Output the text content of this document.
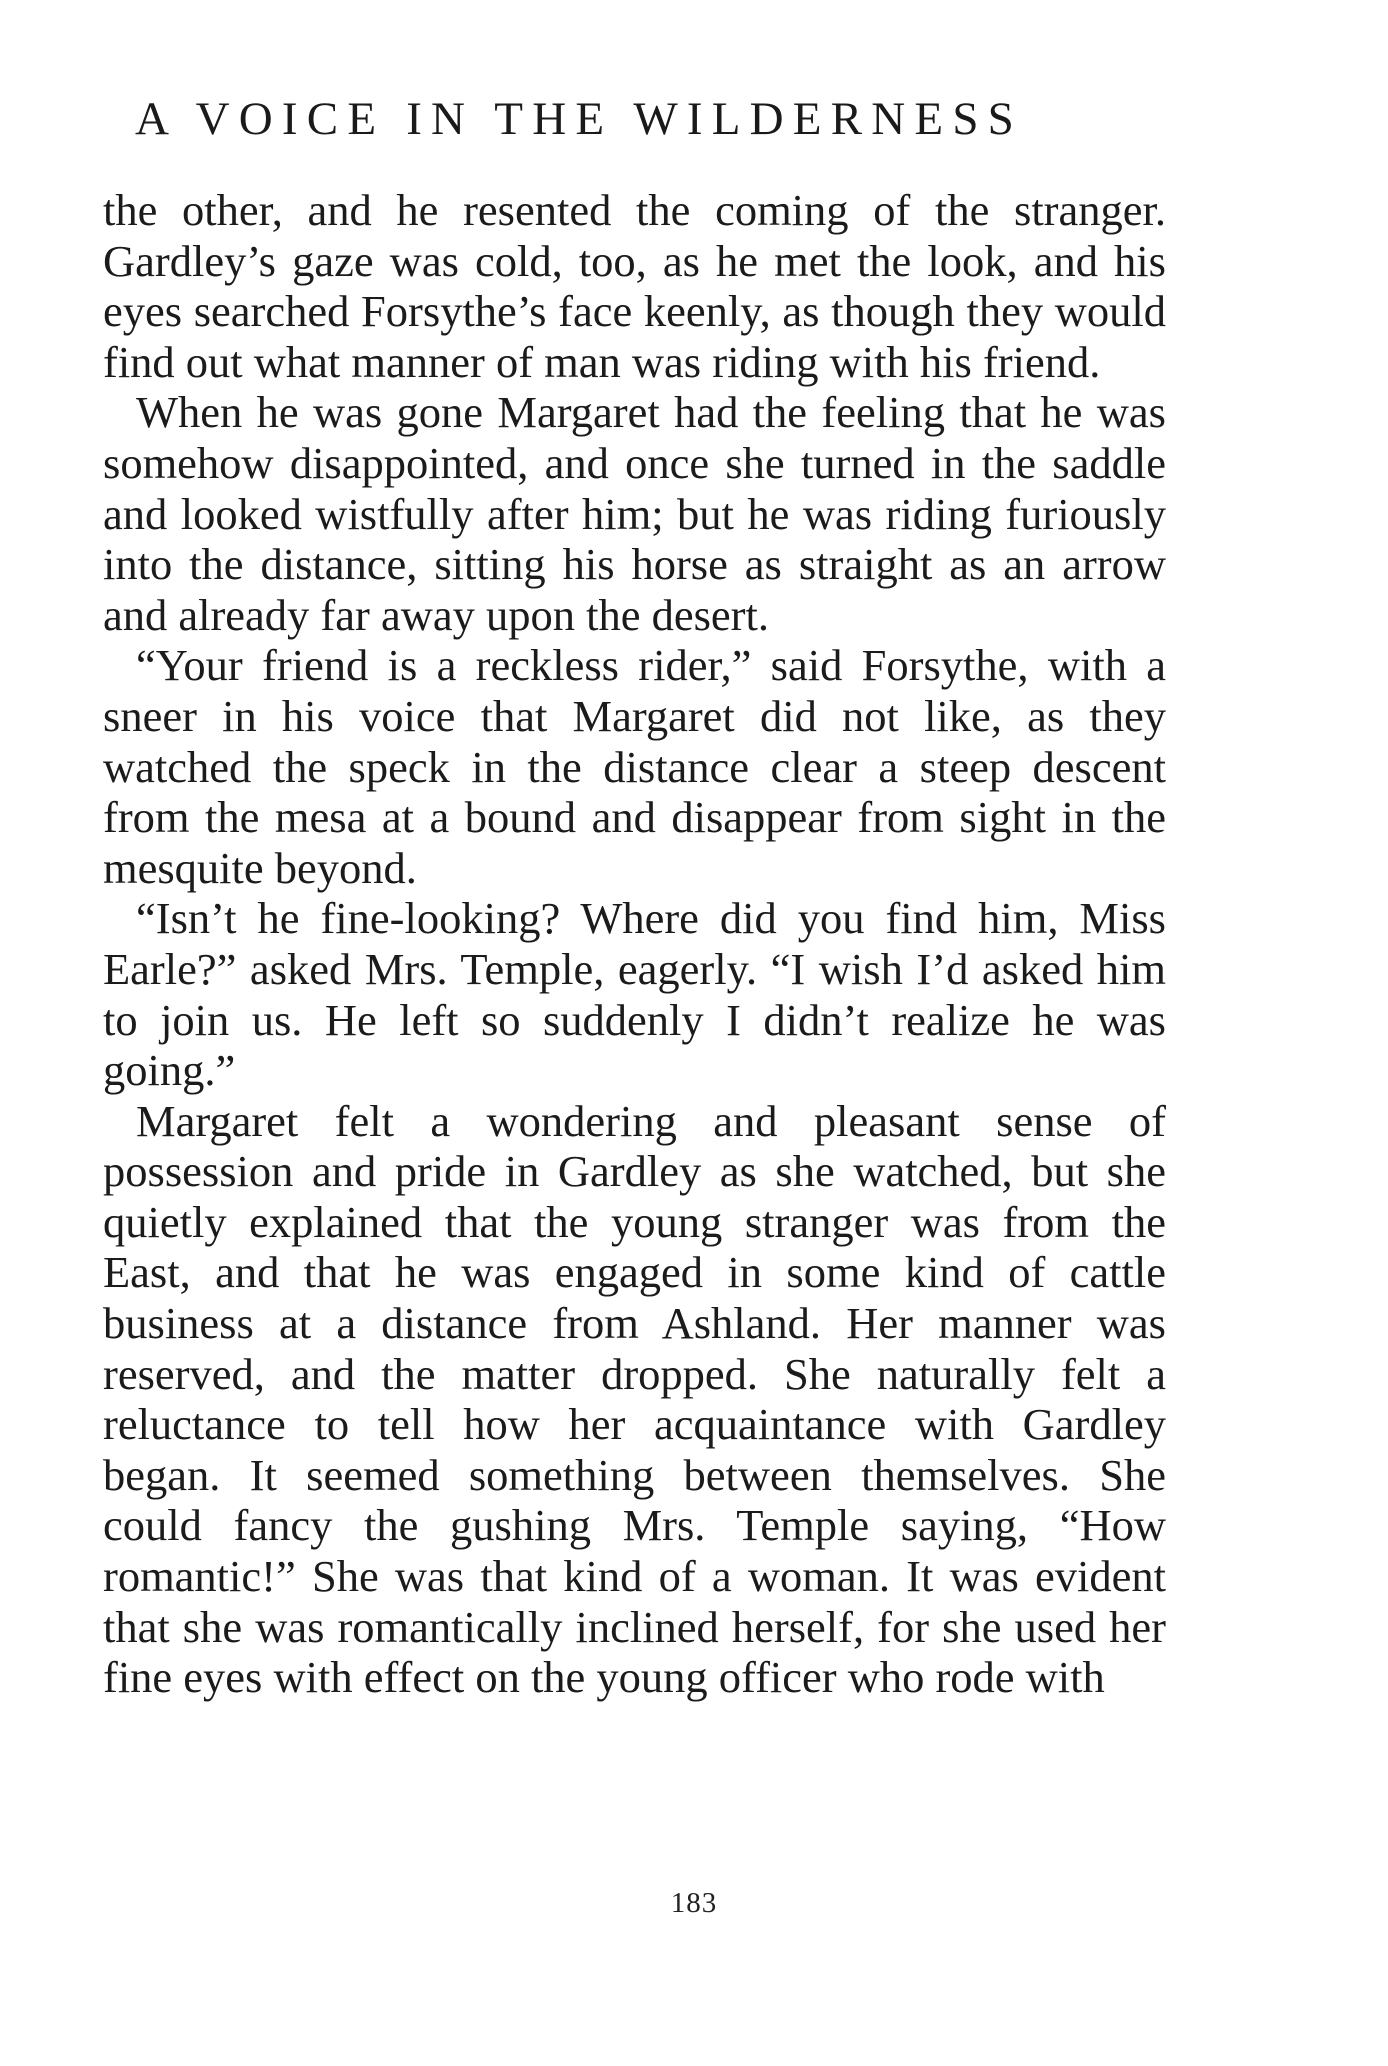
A VOICE IN THE WILDERNESS

the other, and he resented the coming of the stranger. Gardley’s gaze was cold, too, as he met the look, and his eyes searched Forsythe’s face keenly, as though they would find out what manner of man was riding with his friend.

When he was gone Margaret had the feeling that he was somehow disappointed, and once she turned in the saddle and looked wistfully after him; but he was riding furiously into the distance, sitting his horse as straight as an arrow and already far away upon the desert.

“Your friend is a reckless rider,” said Forsythe, with a sneer in his voice that Margaret did not like, as they watched the speck in the distance clear a steep descent from the mesa at a bound and disappear from sight in the mesquite beyond.

“Isn’t he fine-looking? Where did you find him, Miss Earle?” asked Mrs. Temple, eagerly. “I wish I’d asked him to join us. He left so suddenly I didn’t realize he was going.”

Margaret felt a wondering and pleasant sense of possession and pride in Gardley as she watched, but she quietly explained that the young stranger was from the East, and that he was engaged in some kind of cattle business at a distance from Ashland. Her manner was reserved, and the matter dropped. She naturally felt a reluctance to tell how her acquaintance with Gardley began. It seemed something between themselves. She could fancy the gushing Mrs. Temple saying, “How romantic!” She was that kind of a woman. It was evident that she was romantically inclined herself, for she used her fine eyes with effect on the young officer who rode with

183
